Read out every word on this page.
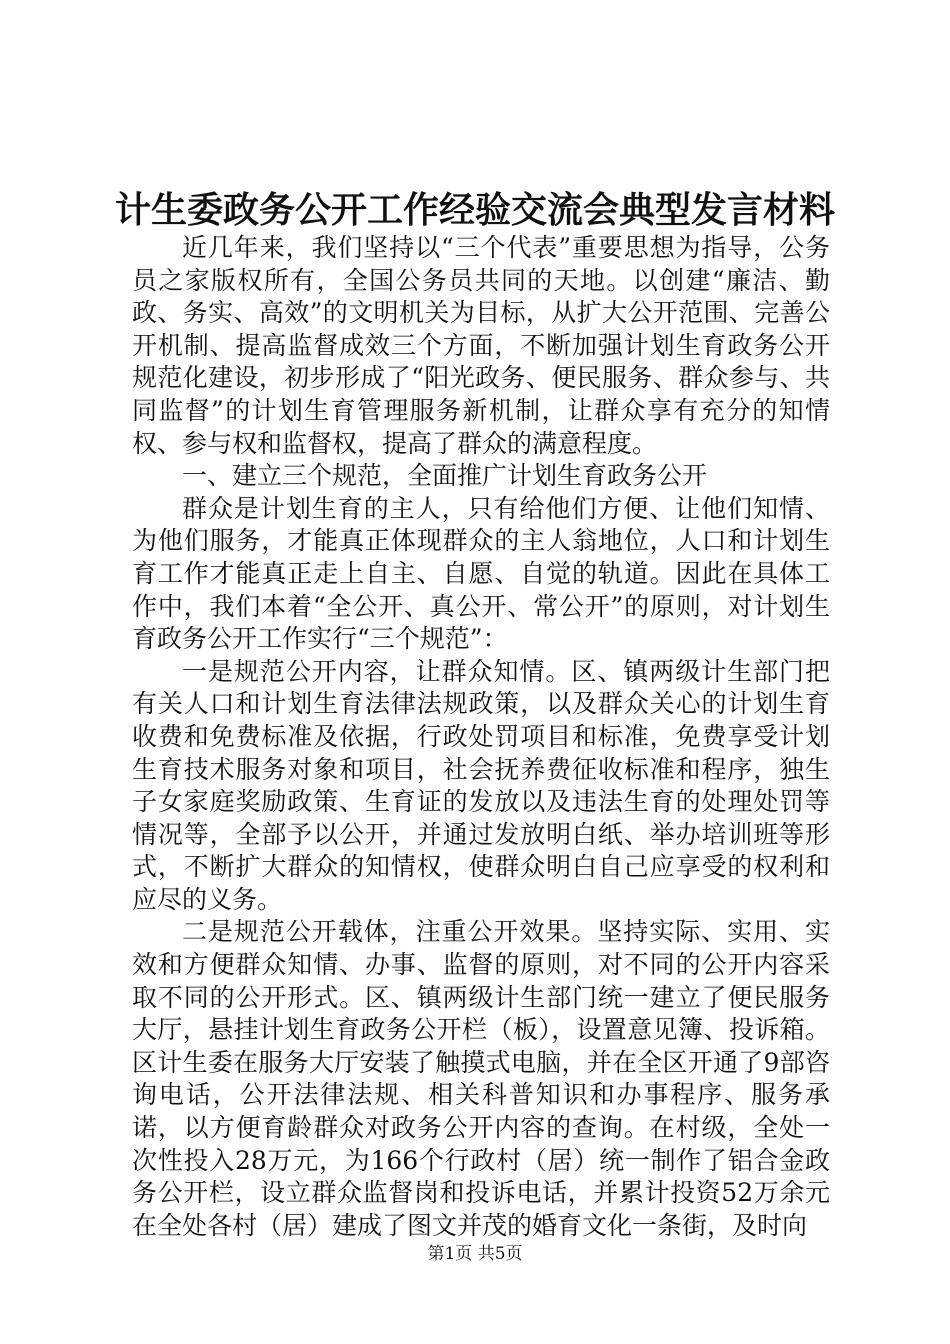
计生委政务公开工作经验交流会典型发言材料

近几年来，我们坚持以“三个代表”重要思想为指导，公务员之家版权所有，全国公务员共同的天地。以创建“廉洁、勤政、务实、高效”的文明机关为目标，从扩大公开范围、完善公开机制、提高监督成效三个方面，不断加强计划生育政务公开规范化建设，初步形成了“阳光政务、便民服务、群众参与、共同监督”的计划生育管理服务新机制，让群众享有充分的知情权、参与权和监督权，提高了群众的满意程度。

一、建立三个规范，全面推广计划生育政务公开

群众是计划生育的主人，只有给他们方便、让他们知情、为他们服务，才能真正体现群众的主人翁地位，人口和计划生育工作才能真正走上自主、自愿、自觉的轨道。因此在具体工作中，我们本着“全公开、真公开、常公开”的原则，对计划生育政务公开工作实行“三个规范”：

一是规范公开内容，让群众知情。区、镇两级计生部门把有关人口和计划生育法律法规政策，以及群众关心的计划生育收费和免费标准及依据，行政处罚项目和标准，免费享受计划生育技术服务对象和项目，社会抚养费征收标准和程序，独生子女家庭奖励政策、生育证的发放以及违法生育的处理处罚等情况等，全部予以公开，并通过发放明白纸、举办培训班等形式，不断扩大群众的知情权，使群众明白自己应享受的权利和应尽的义务。

二是规范公开载体，注重公开效果。坚持实际、实用、实效和方便群众知情、办事、监督的原则，对不同的公开内容采取不同的公开形式。区、镇两级计生部门统一建立了便民服务大厅，悬挂计划生育政务公开栏（板），设置意见簿、投诉箱。区计生委在服务大厅安装了触摸式电脑，并在全区开通了9部咨询电话，公开法律法规、相关科普知识和办事程序、服务承诺，以方便育龄群众对政务公开内容的查询。在村级，全处一次性投入28万元，为166个行政村（居）统一制作了铝合金政务公开栏，设立群众监督岗和投诉电话，并累计投资52万余元在全处各村（居）建成了图文并茂的婚育文化一条街，及时向

第1页 共5页
